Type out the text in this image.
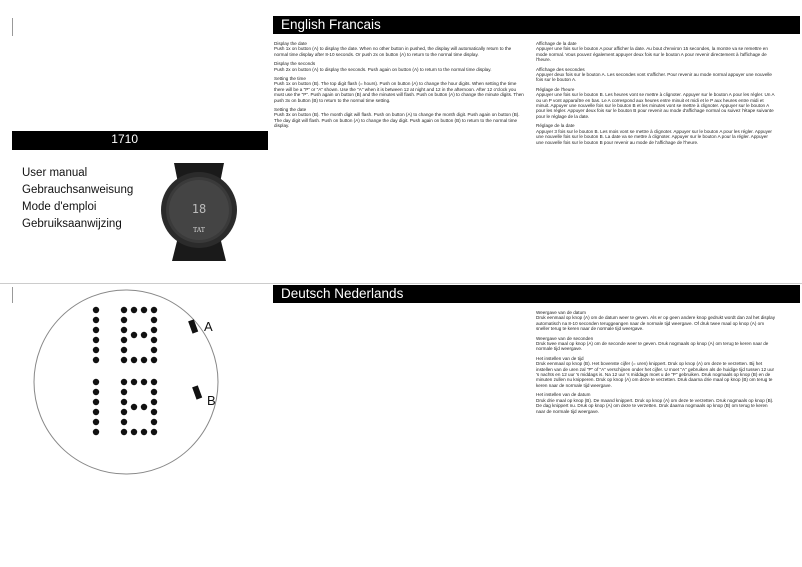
1710
User manual
Gebrauchsanweisung
Mode d'emploi
Gebruiksaanwijzing
18
TAT
A
B
English Francais
Deutsch Nederlands
Display the date

Push 1x on button (A) to display the date. When no other button in pushed, the display will automatically return to the normal time display after 8-10 seconds. Or push 2x on button (A) to return to the normal time display.

Display the seconds

Push 2x on button (A) to display the seconds. Push again on button (A) to return to the normal time display.

Setting the time

Push 1x on button (B). The top digit flash (= hours). Push on button (A) to change the hour digits. When setting the time there will be a "P" or "A" shown. Use the "A" when it is between 12 at night and 12 in the afternoon. After 12 o'clock you must use the "P". Push again on button (B) and the minutes will flash. Push on button (A) to change the minute digits. Then push 3x on button (B) to return to the normal time setting.

Setting the date

Push 3x on button (B). The month digit will flash. Push on button (A) to change the month digit. Push again on button (B). The day digit will flash. Push on button (A) to change the day digit. Push again on button (B) to return to the normal time display.

Affichage de la date

Appuyer une fois sur le bouton A pour afficher la date. Au bout d'environ 15 secondes, la montre va se remettre en mode normal. Vous pouvez également appuyer deux fois sur le bouton A pour revenir directement à l'affichage de l'heure.

Affichage des secondes

Appuyer deux fois sur le bouton A. Les secondes vont s'afficher. Pour revenir au mode normal appuyer une nouvelle fois sur le bouton A.

Réglage de l'heure

Appuyer une fois sur le bouton B. Les heures vont se mettre à clignoter. Appuyer sur le bouton A pour les régler. Un A ou un P vont apparaître en bas. Le A correspond aux heures entre minuit et midi et le P aux heures entre midi et minuit. Appuyer une nouvelle fois sur le bouton B et les minutes vont se mettre à clignoter. Appuyer sur le bouton A pour les régler. Appuyer deux fois sur le bouton B pour revenir au mode d'affichage normal ou suivez l'étape suivante pour le réglage de la date.

Réglage de la date

Appuyer 3 fois sur le bouton B. Les mois vont se mettre à clignoter. Appuyer sur le bouton A pour les régler. Appuyer une nouvelle fois sur le bouton B. La date va se mettre à clignoter. Appuyer sur le bouton A pour la régler. Appuyer une nouvelle fois sur le bouton B pour revenir au mode de l'affichage de l'heure.

Weergave van de datum

Druk eenmaal op knop (A) om de datum weer te geven. Als er op geen andere knop gedrukt wordt dan zal het display automatisch na 8-10 seconden teruggeangen naar de normale tijd weergave. Of druk twee maal op knop (A) om sneller terug te keren naar de normale tijd weergave.

Weergave van de seconden

Druk twee maal op knop (A) om de seconde weer te geven. Druk nogmaals op knop (A) om terug te keren naar de normale tijd weergave.

Het instellen van de tijd

Druk eenmaal op knop (B). Het bovenste cijfer (= uren) knippert. Druk op knop (A) om deze te verzetten. Bij het instellen van de uren zal "P" of "A" verschijnen onder het cijfer. U moet "A" gebruiken als de huidige tijd tussen 12 uur 's nachts en 12 uur 's middags is. Na 12 uur 's middags moet u de "P" gebruiken. Druk nogmaals op knop (B) en de minuten zullen nu knipperen. Druk op knop (A) om deze te verzetten. Druk daarna drie maal op knop (B) om terug te keren naar de normale tijd weergave.

Het instellen van de datum

Druk drie maal op knop (B). De maand knippert. Druk op knop (A) om deze te verzetten. Druk nogmaals op knop (B). De dag knippert nu. Druk op knop (A) om deze te verzetten. Druk daarna nogmaals op knop (B) om terug te keren naar de normale tijd weergave.
